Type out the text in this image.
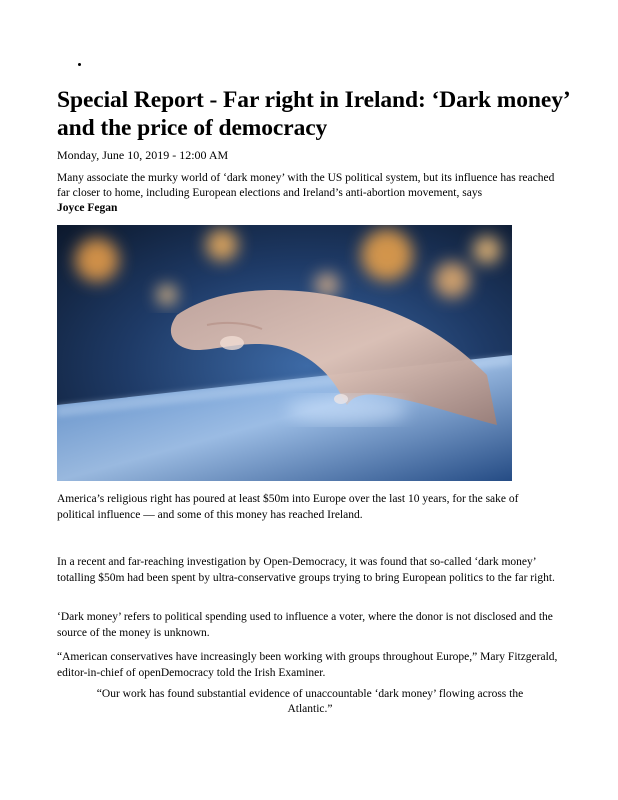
Special Report - Far right in Ireland: ‘Dark money’ and the price of democracy
Monday, June 10, 2019 - 12:00 AM
Many associate the murky world of ‘dark money’ with the US political system, but its influence has reached far closer to home, including European elections and Ireland’s anti-abortion movement, says
Joyce Fegan
America’s religious right has poured at least $50m into Europe over the last 10 years, for the sake of political influence — and some of this money has reached Ireland.

In a recent and far-reaching investigation by Open-Democracy, it was found that so-called ‘dark money’ totalling $50m had been spent by ultra-conservative groups trying to bring European politics to the far right.

‘Dark money’ refers to political spending used to influence a voter, where the donor is not disclosed and the source of the money is unknown.

“American conservatives have increasingly been working with groups throughout Europe,” Mary Fitzgerald, editor-in-chief of openDemocracy told the Irish Examiner.

“Our work has found substantial evidence of unaccountable ‘dark money’ flowing across the Atlantic.”
